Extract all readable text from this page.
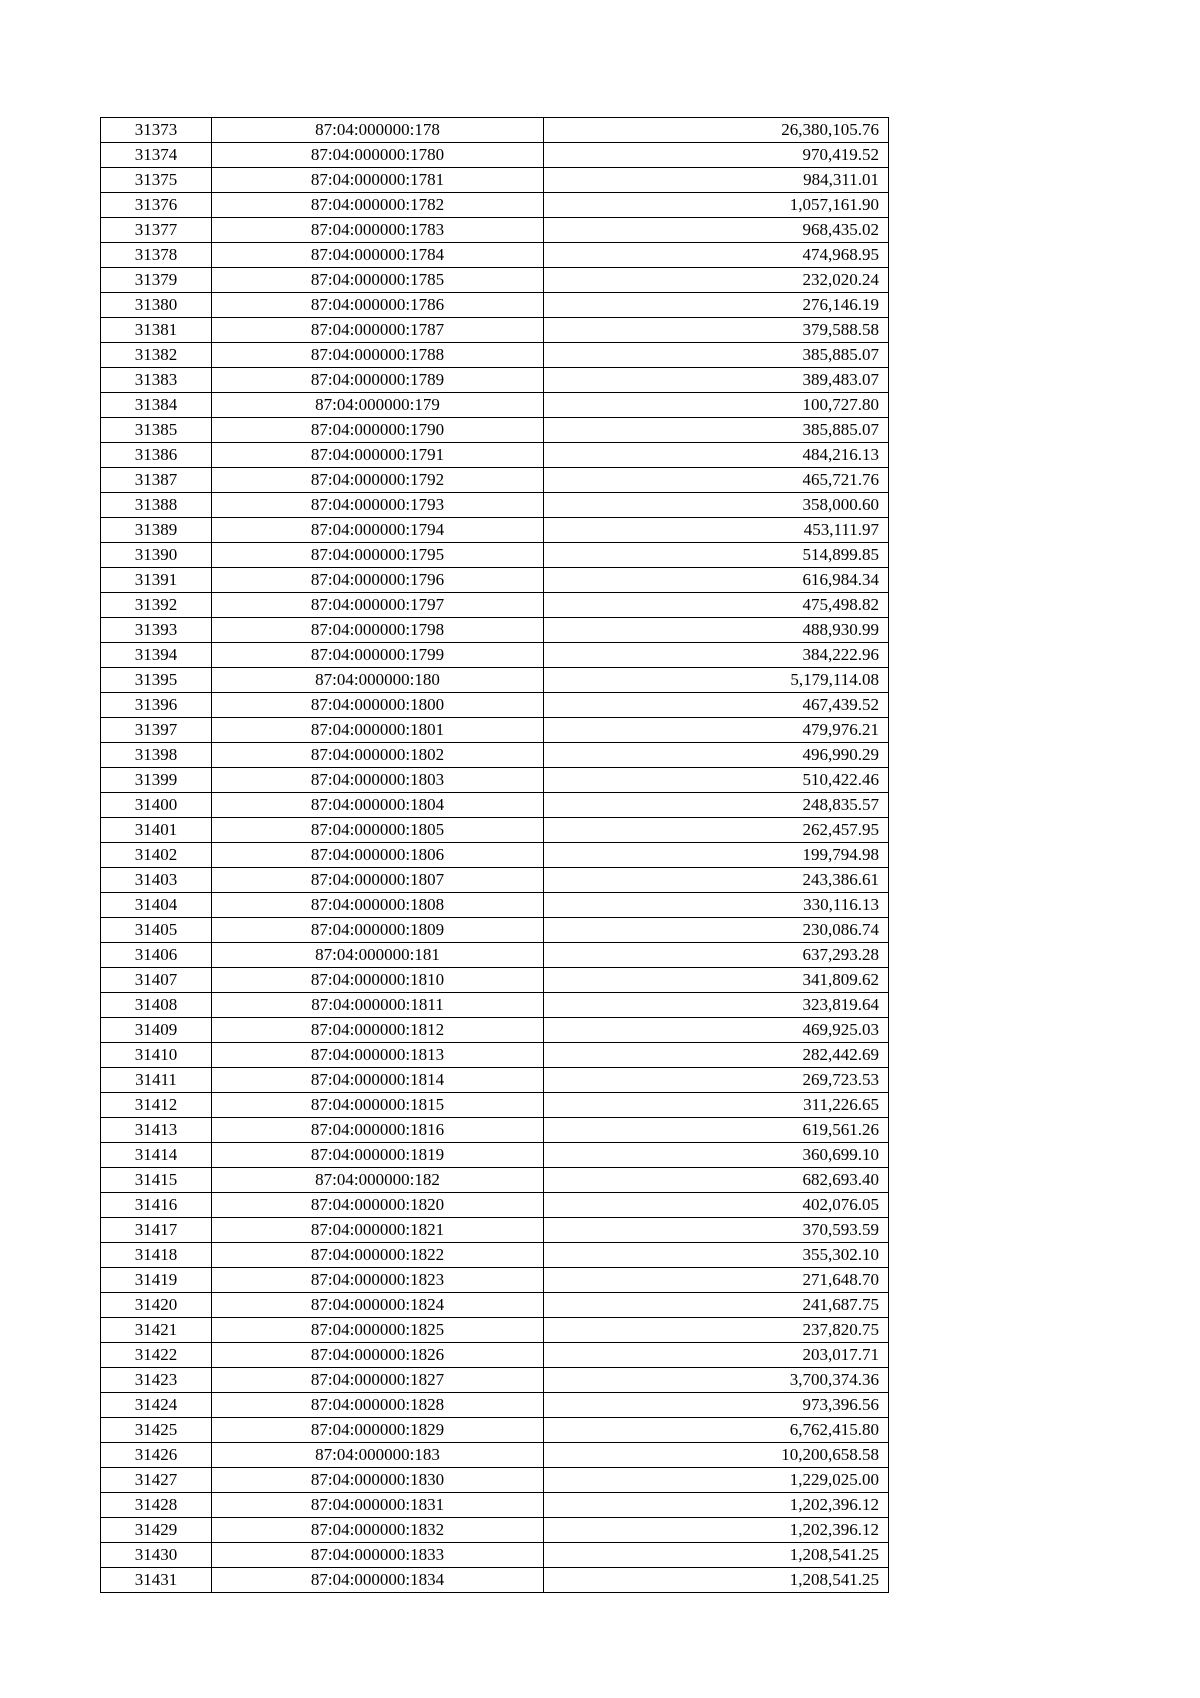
31373	87:04:000000:178	26,380,105.76
31374	87:04:000000:1780	970,419.52
31375	87:04:000000:1781	984,311.01
31376	87:04:000000:1782	1,057,161.90
31377	87:04:000000:1783	968,435.02
31378	87:04:000000:1784	474,968.95
31379	87:04:000000:1785	232,020.24
31380	87:04:000000:1786	276,146.19
31381	87:04:000000:1787	379,588.58
31382	87:04:000000:1788	385,885.07
31383	87:04:000000:1789	389,483.07
31384	87:04:000000:179	100,727.80
31385	87:04:000000:1790	385,885.07
31386	87:04:000000:1791	484,216.13
31387	87:04:000000:1792	465,721.76
31388	87:04:000000:1793	358,000.60
31389	87:04:000000:1794	453,111.97
31390	87:04:000000:1795	514,899.85
31391	87:04:000000:1796	616,984.34
31392	87:04:000000:1797	475,498.82
31393	87:04:000000:1798	488,930.99
31394	87:04:000000:1799	384,222.96
31395	87:04:000000:180	5,179,114.08
31396	87:04:000000:1800	467,439.52
31397	87:04:000000:1801	479,976.21
31398	87:04:000000:1802	496,990.29
31399	87:04:000000:1803	510,422.46
31400	87:04:000000:1804	248,835.57
31401	87:04:000000:1805	262,457.95
31402	87:04:000000:1806	199,794.98
31403	87:04:000000:1807	243,386.61
31404	87:04:000000:1808	330,116.13
31405	87:04:000000:1809	230,086.74
31406	87:04:000000:181	637,293.28
31407	87:04:000000:1810	341,809.62
31408	87:04:000000:1811	323,819.64
31409	87:04:000000:1812	469,925.03
31410	87:04:000000:1813	282,442.69
31411	87:04:000000:1814	269,723.53
31412	87:04:000000:1815	311,226.65
31413	87:04:000000:1816	619,561.26
31414	87:04:000000:1819	360,699.10
31415	87:04:000000:182	682,693.40
31416	87:04:000000:1820	402,076.05
31417	87:04:000000:1821	370,593.59
31418	87:04:000000:1822	355,302.10
31419	87:04:000000:1823	271,648.70
31420	87:04:000000:1824	241,687.75
31421	87:04:000000:1825	237,820.75
31422	87:04:000000:1826	203,017.71
31423	87:04:000000:1827	3,700,374.36
31424	87:04:000000:1828	973,396.56
31425	87:04:000000:1829	6,762,415.80
31426	87:04:000000:183	10,200,658.58
31427	87:04:000000:1830	1,229,025.00
31428	87:04:000000:1831	1,202,396.12
31429	87:04:000000:1832	1,202,396.12
31430	87:04:000000:1833	1,208,541.25
31431	87:04:000000:1834	1,208,541.25
